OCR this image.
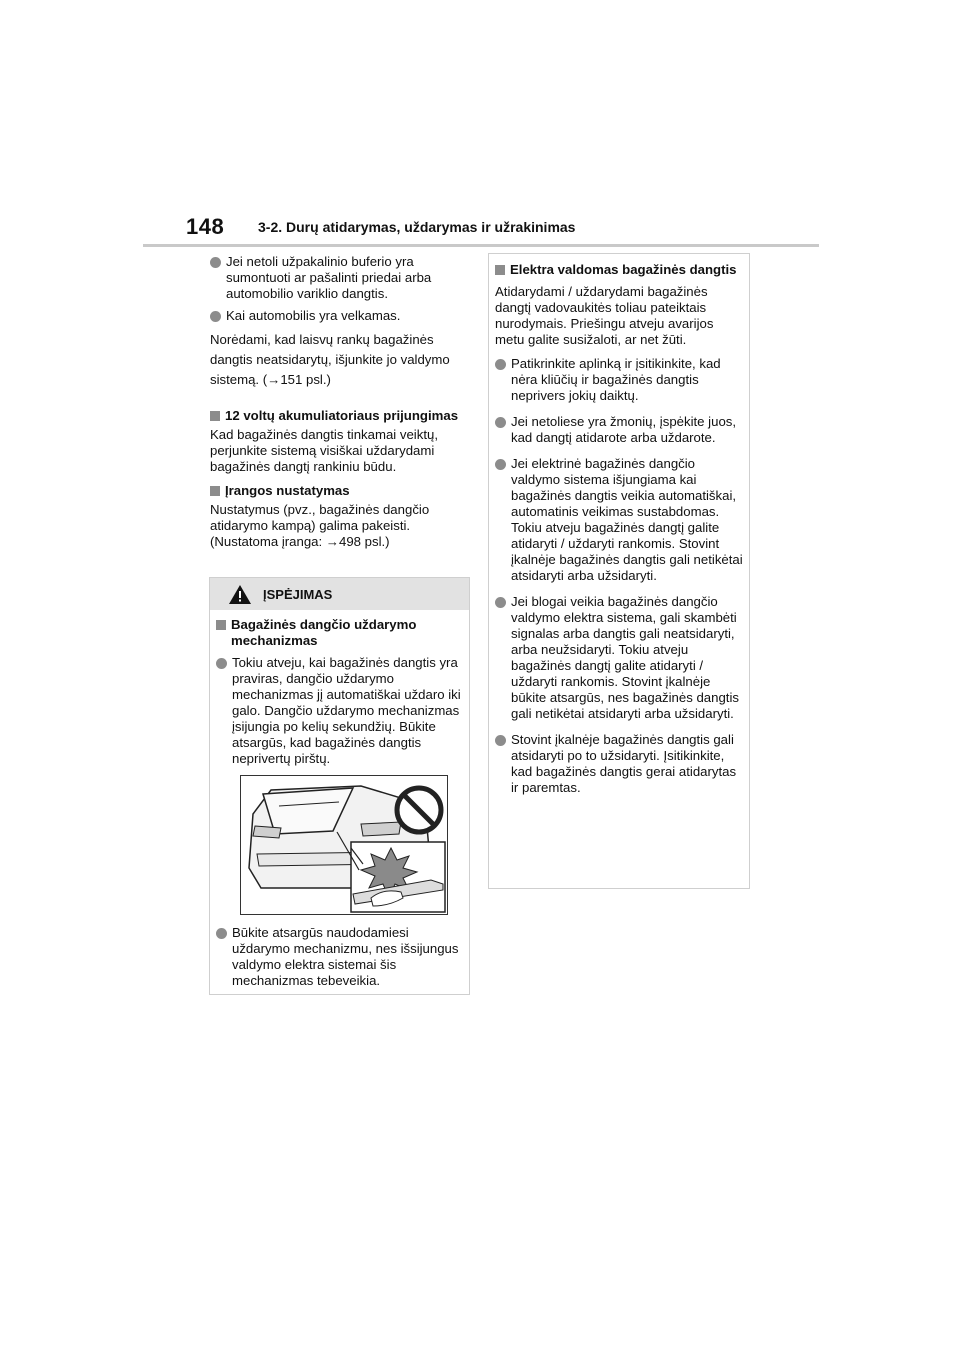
148 3-2. Durų atidarymas, uždarymas ir užrakinimas
Jei netoli užpakalinio buferio yra sumontuoti ar pašalinti priedai arba automobilio variklio dangtis.
Kai automobilis yra velkamas.
Norėdami, kad laisvų rankų bagažinės dangtis neatsidarytų, išjunkite jo valdymo sistemą. (→151 psl.)
12 voltų akumuliatoriaus prijungimas
Kad bagažinės dangtis tinkamai veiktų, perjunkite sistemą visiškai uždarydami bagažinės dangtį rankiniu būdu.
Įrangos nustatymas
Nustatymus (pvz., bagažinės dangčio atidarymo kampą) galima pakeisti. (Nustatoma įranga: →498 psl.)
ĮSPĖJIMAS
Bagažinės dangčio uždarymo mechanizmas
Tokiu atveju, kai bagažinės dangtis yra praviras, dangčio uždarymo mechanizmas jį automatiškai uždaro iki galo. Dangčio uždarymo mechanizmas įsijungia po kelių sekundžių. Būkite atsargūs, kad bagažinės dangtis neprivertų pirštų.
Būkite atsargūs naudodamiesi uždarymo mechanizmu, nes išsijungus valdymo elektra sistemai šis mechanizmas tebeveikia.
Elektra valdomas bagažinės dangtis
Atidarydami / uždarydami bagažinės dangtį vadovaukitės toliau pateiktais nurodymais. Priešingu atveju avarijos metu galite susižaloti, ar net žūti.
Patikrinkite aplinką ir įsitikinkite, kad nėra kliūčių ir bagažinės dangtis neprivers jokių daiktų.
Jei netoliese yra žmonių, įspėkite juos, kad dangtį atidarote arba uždarote.
Jei elektrinė bagažinės dangčio valdymo sistema išjungiama kai bagažinės dangtis veikia automatiškai, automatinis veikimas sustabdomas. Tokiu atveju bagažinės dangtį galite atidaryti / uždaryti rankomis. Stovint įkalnėje bagažinės dangtis gali netikėtai atsidaryti arba užsidaryti.
Jei blogai veikia bagažinės dangčio valdymo elektra sistema, gali skambėti signalas arba dangtis gali neatsidaryti, arba neužsidaryti. Tokiu atveju bagažinės dangtį galite atidaryti / uždaryti rankomis. Stovint įkalnėje būkite atsargūs, nes bagažinės dangtis gali netikėtai atsidaryti arba užsidaryti.
Stovint įkalnėje bagažinės dangtis gali atsidaryti po to užsidaryti. Įsitikinkite, kad bagažinės dangtis gerai atidarytas ir paremtas.
